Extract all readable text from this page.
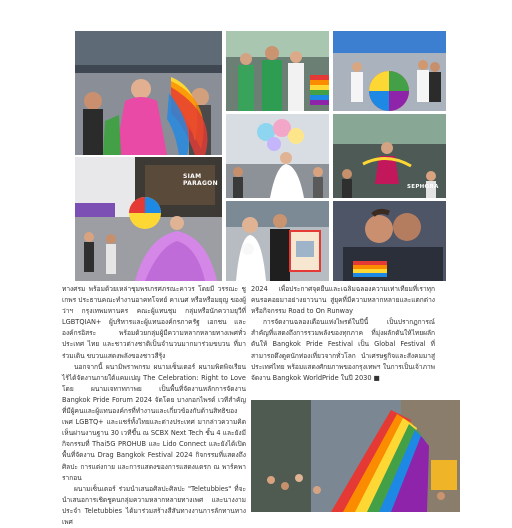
SIAM PARAGON	SEPHORA

ทางศรม พร้อมด้วยเหล่าชุมพรเกรศภรณะคาวร โดยมี วรรณะ ชูเกพร ประธานคณะทำงานอาคทโจทย์ คาเนศ หรือหรือมยุญ ของผู้ว่าฯ กรุงเทพมหานคร คณะผู้แทนชุม กลุ่มหรือนักความยุวีที่ LGBTQIAN+ ผู้บริหารและผู้แทนองค์กรภาครัฐ เอกชน และ องค์กรอิสระ พร้อมด้วยกลุ่มผู้มีความหลากหลายทางเพศทั่วประเทศ ไทย และชาวต่างชาติเป็นจำนวนมากมาร่วมขบวน ที่มาร่วมเดิน ขบวนแสดงพลังของชาวสีรุ้ง

นอกจากนี้ ผนามิพราพกรม ผนามเซ็นเตอร์ ผนามพิตพิจเรียนไร้ได้จัดงานภายใต้แคมเปญ The Celebration: Right to Love โดย ผนามเจทาทกาพย เป็นพื้นที่จัดงานหลักการจัดงาน Bangkok Pride Forum 2024 จัดโดย บางกอกไพรด์ เวทีสำคัญที่มีผู้คนและผู้แทนองค์กรที่ทำงานและเกี่ยวข้องกับด้านสิทธิของเพศ LGBTQ+ และแชร์ทั้งไทยและต่างประเทศ มากล่าวความคิดเห็นผ่านงานฐาน 30 เวทีขึ้น ณ SCBX Next Tech ชั้น 4 และยังมีกิจกรรมที่ Thai5G PROHUB และ Lido Connect และยังได้เปิดพื้นที่จัดงาน Drag Bangkok Festival 2024 กิจกรรมที่แสดงถึงศิลปะ การแต่งกาย และการแสดงของการแสดงแดรก ณ พาร์คพารากอน

ผนามเซ็นเตอร์ ร่วมนำเสนอศิลปะศิลปะ "Teletubbies" ที่จะนำเสนอการเชิดชูคนกลุ่มความหลากหลายทางเพศ และนางงามประจำ Teletubbies ได้มาร่วมสร้างสีสันทางงานการลักทานทางเพศ

2024 เพื่อประกาศจุดยืนและเฉลิมฉลองความเท่าเทียมที่เราทุกคนรอคอยมาอย่างยาวนาน สู่ยุคที่มีความหลากหลายและแตกต่าง หรือกิจกรรม Road to On Runway

การจัดงานฉลองเดือนแห่งไพรด์ในปีนี้ เป็นปรากฏการณ์สำคัญที่แสดงถึงการรวมพลังของทุกภาค ที่มุ่งผลักดันให้ไทยผลักดันให้ Bangkok Pride Festival เป็น Global Festival ที่สามารถดึงดูดนักท่องเที่ยวจากทั่วโลก นำเศรษฐกิจและสังคมมาสู่ประเทศไทย พร้อมแสดงศักยภาพของกรุงเทพฯ ในการเป็นเจ้าภาพจัดงาน Bangkok WorldPride ในปี 2030 ■
